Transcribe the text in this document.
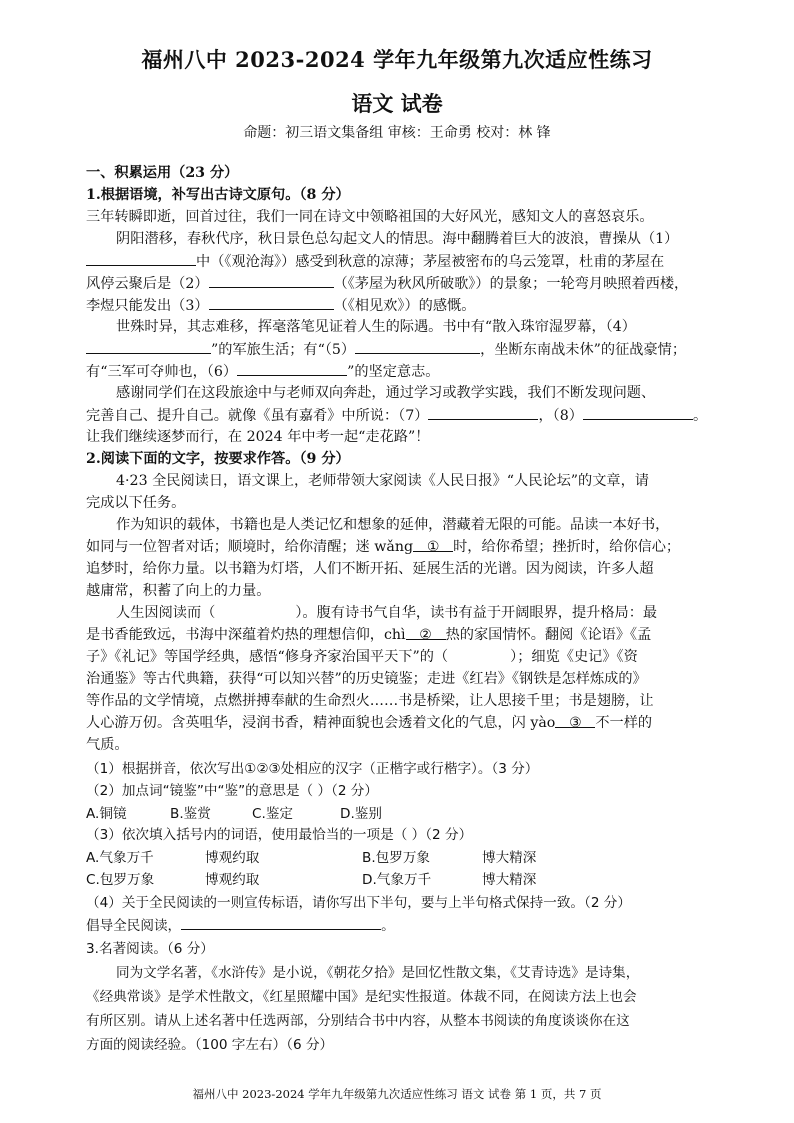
福州八中 2023-2024 学年九年级第九次适应性练习
语文 试卷
命题：初三语文集备组 审核：王命勇 校对：林 锋
一、积累运用（23 分）
1.根据语境，补写出古诗文原句。（8 分）
三年转瞬即逝，回首过往，我们一同在诗文中领略祖国的大好风光，感知文人的喜怒哀乐。
阴阳潜移，春秋代序，秋日景色总勾起文人的情思。海中翻腾着巨大的波浪，曹操从（1）
中（《观沧海》）感受到秋意的凉薄；茅屋被密布的乌云笼罩，杜甫的茅屋在
风停云聚后是（2）	（《茅屋为秋风所破歌》）的景象；一轮弯月映照着西楼，
李煜只能发出（3）	（《相见欢》）的感慨。
世殊时异，其志难移，挥毫落笔见证着人生的际遇。书中有“散入珠帘湿罗幕，（4）
”的军旅生活；有“（5）	，坐断东南战未休”的征战豪情；
有“三军可夺帅也，（6）	”的坚定意志。
感谢同学们在这段旅途中与老师双向奔赴，通过学习或教学实践，我们不断发现问题、
完善自己、提升自己。就像《虽有嘉肴》中所说：（7）	，（8）	。
让我们继续逐梦而行，在 2024 年中考一起“走花路”！
2.阅读下面的文字，按要求作答。（9 分）
4·23 全民阅读日，语文课上，老师带领大家阅读《人民日报》“人民论坛”的文章，请
完成以下任务。
作为知识的载体，书籍也是人类记忆和想象的延伸，潜藏着无限的可能。品读一本好书，
如同与一位智者对话；顺境时，给你清醒；迷 wǎng ① 时，给你希望；挫折时，给你信心；
追梦时，给你力量。以书籍为灯塔，人们不断开拓、延展生活的光谱。因为阅读，许多人超
越庸常，积蓄了向上的力量。
人生因阅读而（	）。腹有诗书气自华，读书有益于开阔眼界，提升格局：最
是书香能致远，书海中深蕴着灼热的理想信仰，chì ② 热的家国情怀。翻阅《论语》《孟
子》《礼记》等国学经典，感悟“修身齐家治国平天下”的（	）；细览《史记》《资
治通鉴》等古代典籍，获得“可以知兴替”的历史镜鉴；走进《红岩》《钢铁是怎样炼成的》
等作品的文学情境，点燃拼搏奉献的生命烈火……书是桥梁，让人思接千里；书是翅膀，让
人心游万仞。含英咀华，浸润书香，精神面貌也会透着文化的气息，闪 yào ③ 不一样的
气质。
（1）根据拼音，依次写出①②③处相应的汉字（正楷字或行楷字）。（3 分）
（2）加点词“镜鉴”中“鉴”的意思是（ ）（2 分）
A.铜镜	B.鉴赏	C.鉴定	D.鉴别
（3）依次填入括号内的词语，使用最恰当的一项是（ ）（2 分）
A.气象万千	博观约取	B.包罗万象	博大精深
C.包罗万象	博观约取	D.气象万千	博大精深
（4）关于全民阅读的一则宣传标语，请你写出下半句，要与上半句格式保持一致。（2 分）
倡导全民阅读，	。
3.名著阅读。（6 分）
同为文学名著，《水浒传》是小说，《朝花夕拾》是回忆性散文集，《艾青诗选》是诗集，
《经典常谈》是学术性散文，《红星照耀中国》是纪实性报道。体裁不同，在阅读方法上也会
有所区别。请从上述名著中任选两部，分别结合书中内容，从整本书阅读的角度谈谈你在这
方面的阅读经验。（100 字左右）（6 分）
福州八中 2023-2024 学年九年级第九次适应性练习 语文 试卷 第 1 页，共 7 页
